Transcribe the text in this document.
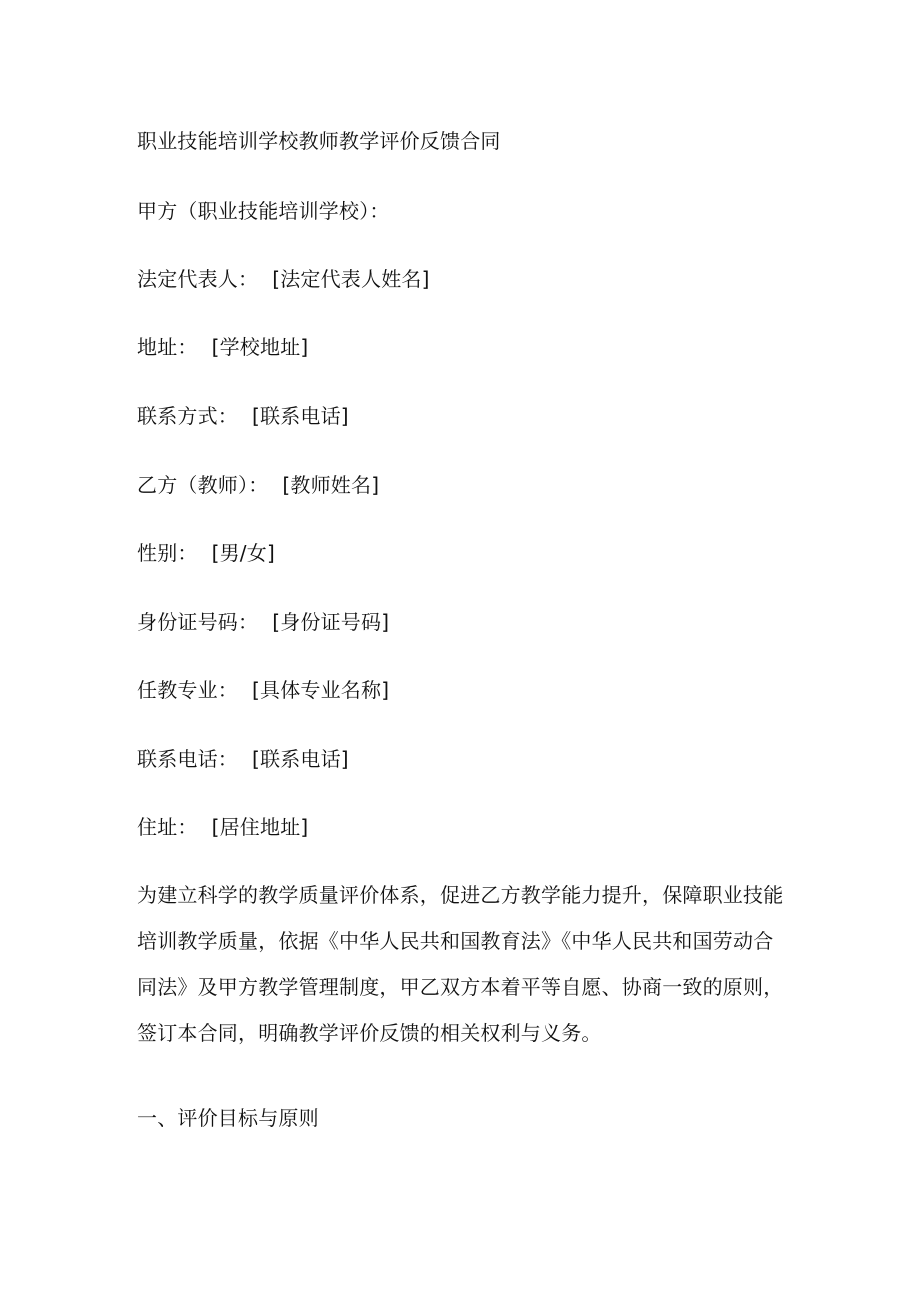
职业技能培训学校教师教学评价反馈合同
甲方（职业技能培训学校）：
法定代表人： [法定代表人姓名]
地址： [学校地址]
联系方式： [联系电话]
乙方（教师）： [教师姓名]
性别： [男/女]
身份证号码： [身份证号码]
任教专业： [具体专业名称]
联系电话： [联系电话]
住址： [居住地址]
为建立科学的教学质量评价体系，促进乙方教学能力提升，保障职业技能
培训教学质量，依据《中华人民共和国教育法》《中华人民共和国劳动合
同法》及甲方教学管理制度，甲乙双方本着平等自愿、协商一致的原则，
签订本合同，明确教学评价反馈的相关权利与义务。
一、评价目标与原则
